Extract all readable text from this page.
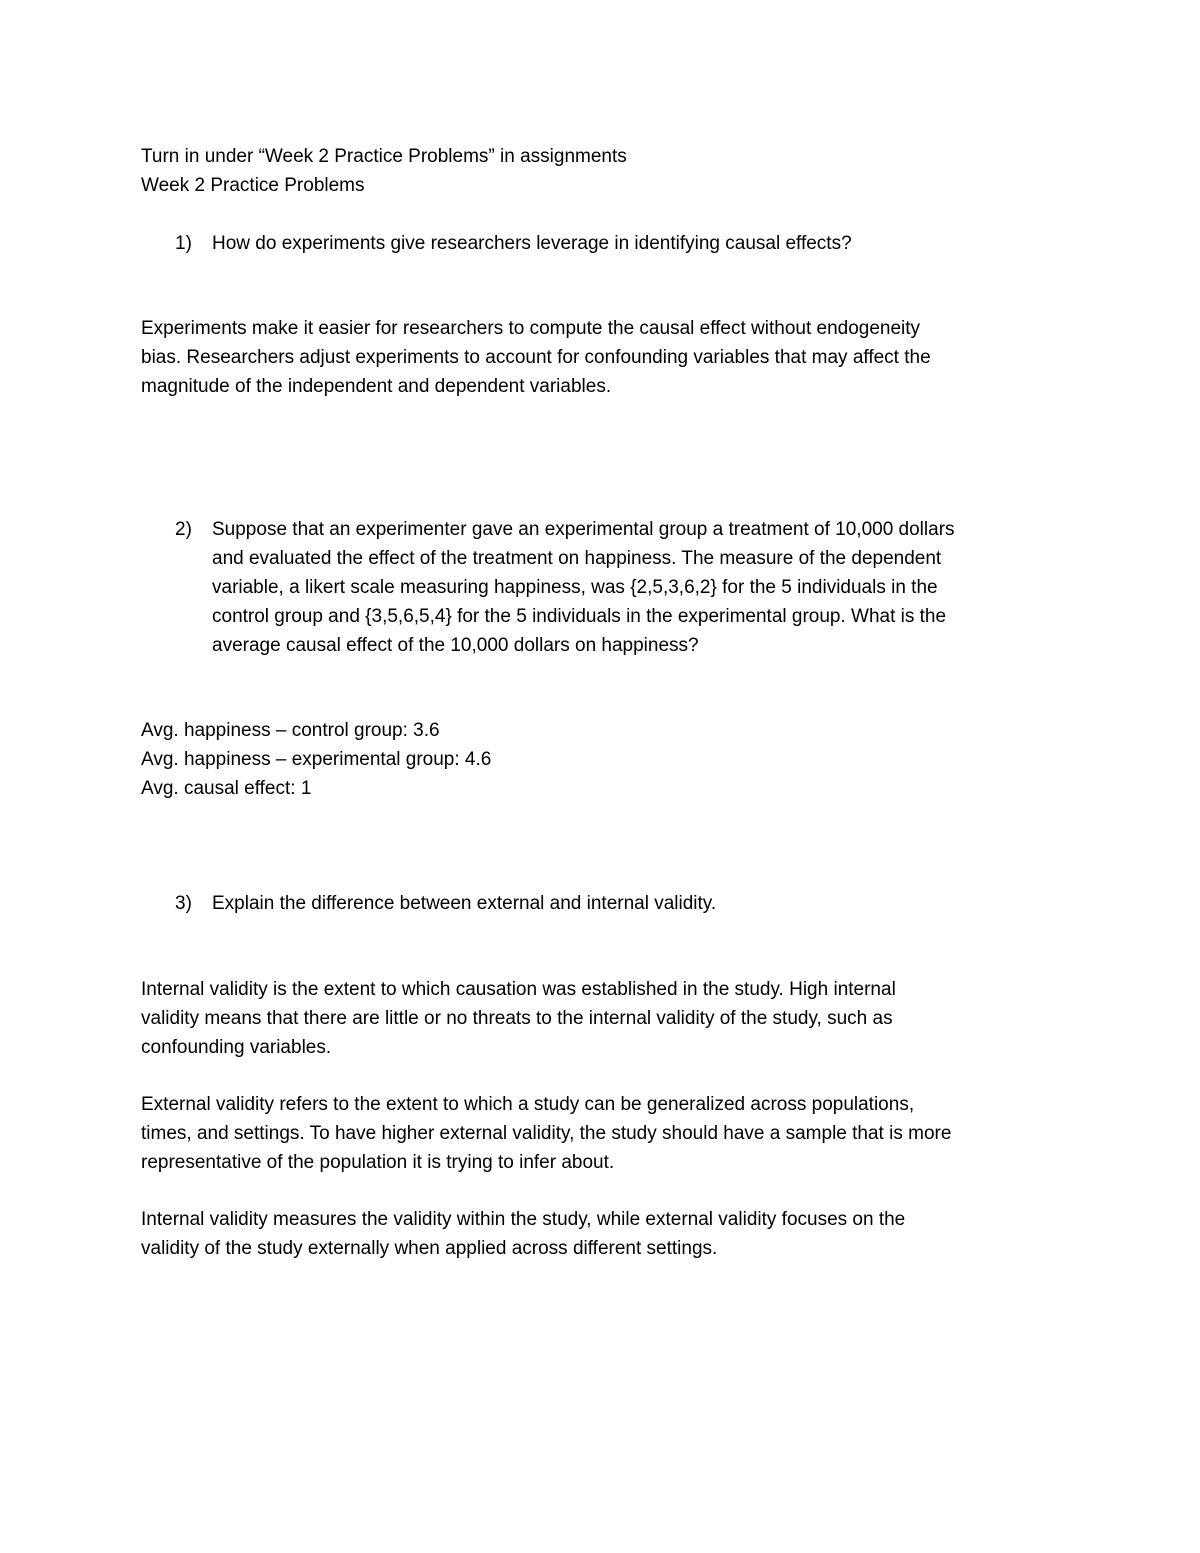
Turn in under “Week 2 Practice Problems” in assignments
Week 2 Practice Problems
1) How do experiments give researchers leverage in identifying causal effects?
Experiments make it easier for researchers to compute the causal effect without endogeneity
bias. Researchers adjust experiments to account for confounding variables that may affect the
magnitude of the independent and dependent variables.
2) Suppose that an experimenter gave an experimental group a treatment of 10,000 dollars
and evaluated the effect of the treatment on happiness. The measure of the dependent
variable, a likert scale measuring happiness, was {2,5,3,6,2} for the 5 individuals in the
control group and {3,5,6,5,4} for the 5 individuals in the experimental group. What is the
average causal effect of the 10,000 dollars on happiness?
Avg. happiness – control group: 3.6
Avg. happiness – experimental group: 4.6
Avg. causal effect: 1
3) Explain the difference between external and internal validity.
Internal validity is the extent to which causation was established in the study. High internal
validity means that there are little or no threats to the internal validity of the study, such as
confounding variables.
External validity refers to the extent to which a study can be generalized across populations,
times, and settings. To have higher external validity, the study should have a sample that is more
representative of the population it is trying to infer about.
Internal validity measures the validity within the study, while external validity focuses on the
validity of the study externally when applied across different settings.
